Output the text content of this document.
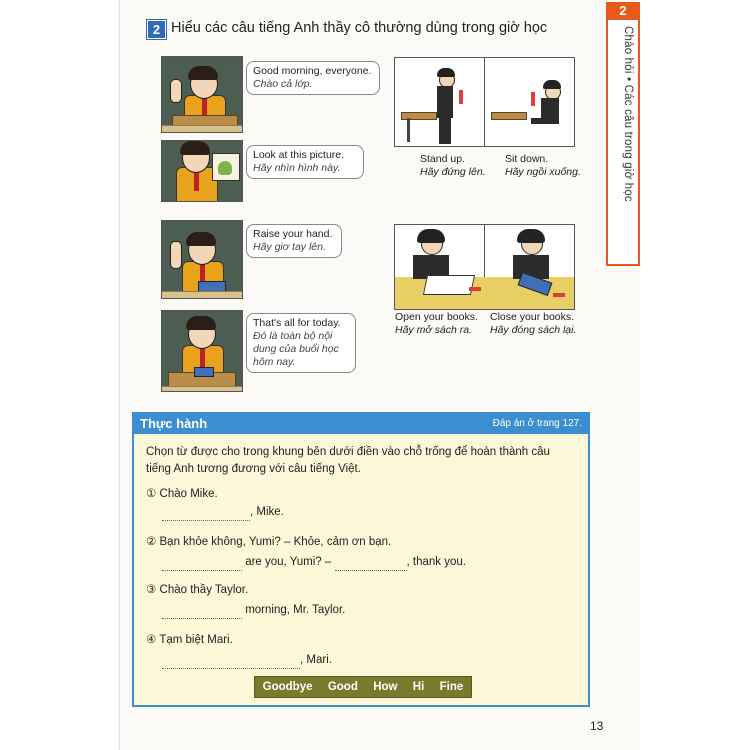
2 Hiểu các câu tiếng Anh thầy cô thường dùng trong giờ học
2
Chào hỏi • Các câu trong giờ học
Good morning, everyone.
Chào cả lớp.
Look at this picture.
Hãy nhìn hình này.
Raise your hand.
Hãy giơ tay lên.
That's all for today.
Đó là toàn bộ nội dung của buổi học hôm nay.
Stand up.
Hãy đứng lên.
Sit down.
Hãy ngồi xuống.
Open your books.
Hãy mở sách ra.
Close your books.
Hãy đóng sách lại.
Thực hành	Đáp án ở trang 127.
Chọn từ được cho trong khung bên dưới điền vào chỗ trống để hoàn thành câu tiếng Anh tương đương với câu tiếng Việt.
① Chào Mike.
, Mike.
② Bạn khỏe không, Yumi? – Khỏe, cảm ơn bạn.
are you, Yumi? –	, thank you.
③ Chào thầy Taylor.
morning, Mr. Taylor.
④ Tạm biệt Mari.
, Mari.
Goodbye Good How Hi Fine
13
